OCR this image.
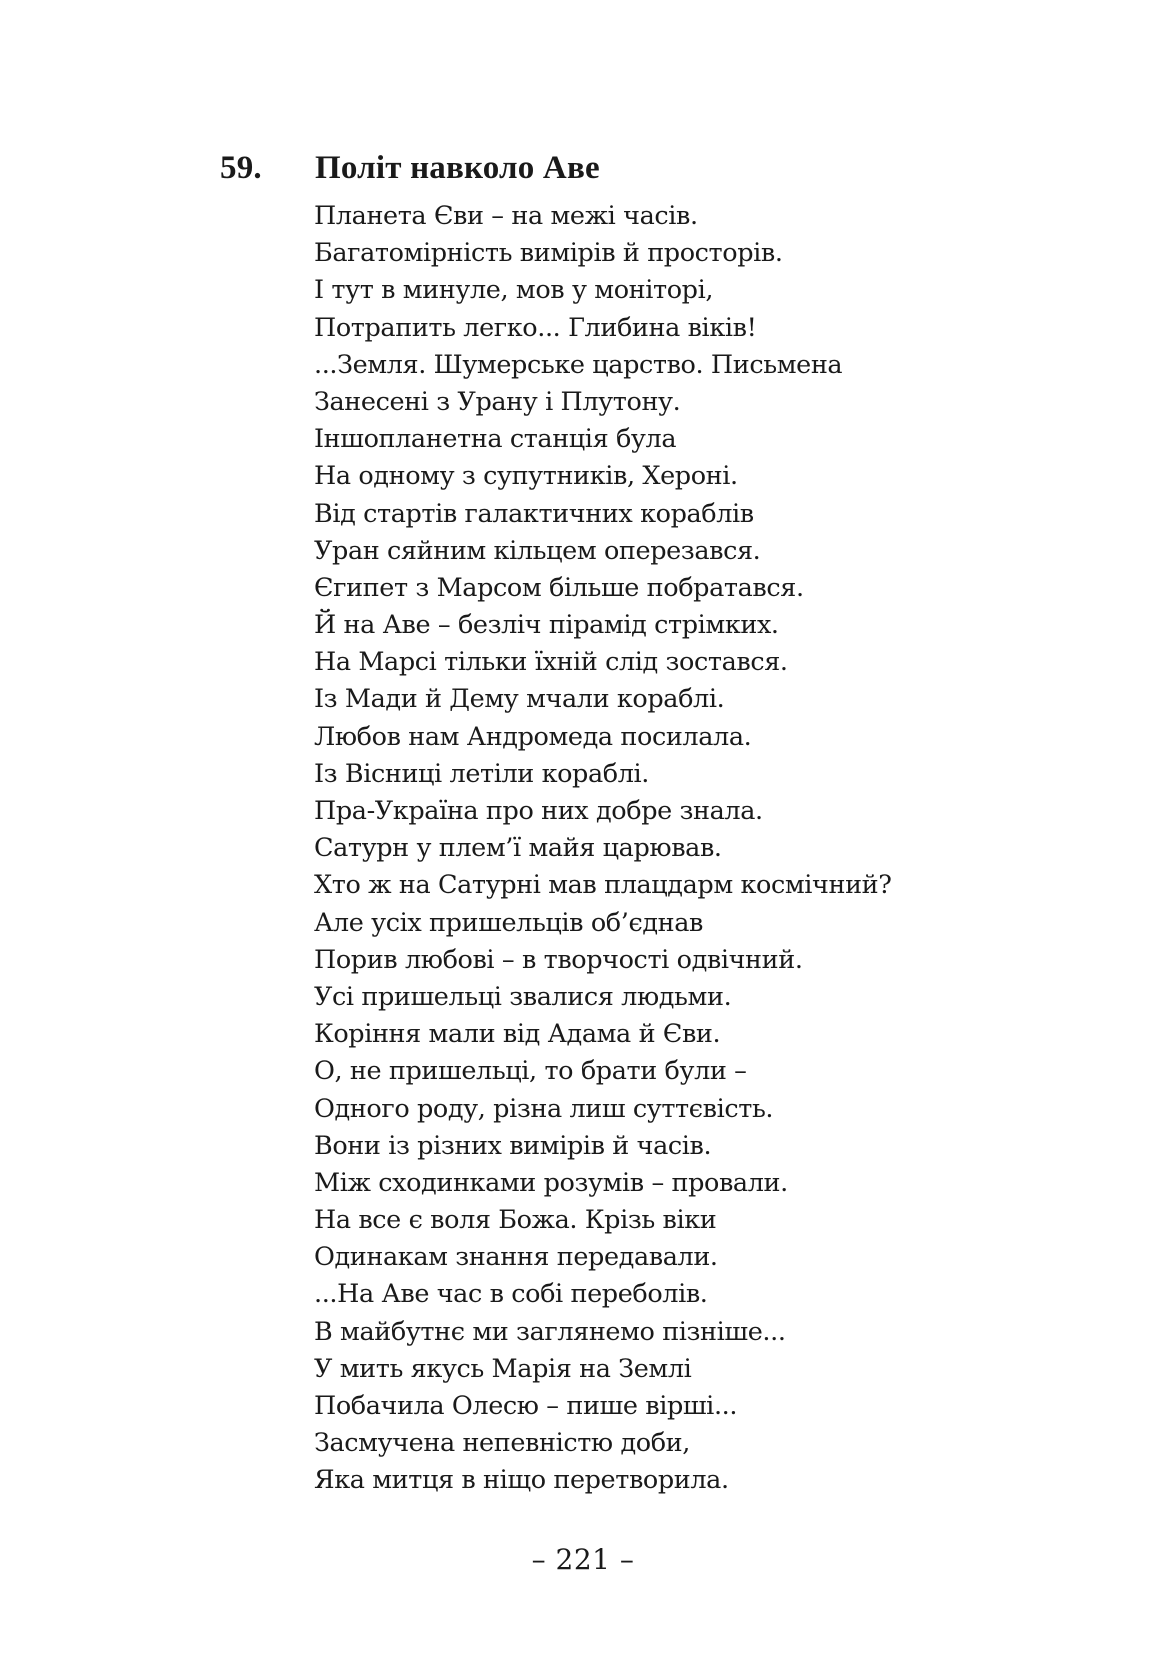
59.	Політ навколо Аве
Планета Єви – на межі часів.
Багатомірність вимірів й просторів.
І тут в минуле, мов у моніторі,
Потрапить легко... Глибина віків!
...Земля. Шумерське царство. Письмена
Занесені з Урану і Плутону.
Іншопланетна станція була
На одному з супутників, Хероні.
Від стартів галактичних кораблів
Уран сяйним кільцем оперезався.
Єгипет з Марсом більше побратався.
Й на Аве – безліч пірамід стрімких.
На Марсі тільки їхній слід зостався.
Із Мади й Дему мчали кораблі.
Любов нам Андромеда посилала.
Із Вісниці летіли кораблі.
Пра-Україна про них добре знала.
Сатурн у плем’ї майя царював.
Хто ж на Сатурні мав плацдарм космічний?
Але усіх пришельців об’єднав
Порив любові – в творчості одвічний.
Усі пришельці звалися людьми.
Коріння мали від Адама й Єви.
О, не пришельці, то брати були –
Одного роду, різна лиш суттєвість.
Вони із різних вимірів й часів.
Між сходинками розумів – провали.
На все є воля Божа. Крізь віки
Одинакам знання передавали.
...На Аве час в собі переболів.
В майбутнє ми заглянемо пізніше...
У мить якусь Марія на Землі
Побачила Олесю – пише вірші...
Засмучена непевністю доби,
Яка митця в ніщо перетворила.
– 221 –
